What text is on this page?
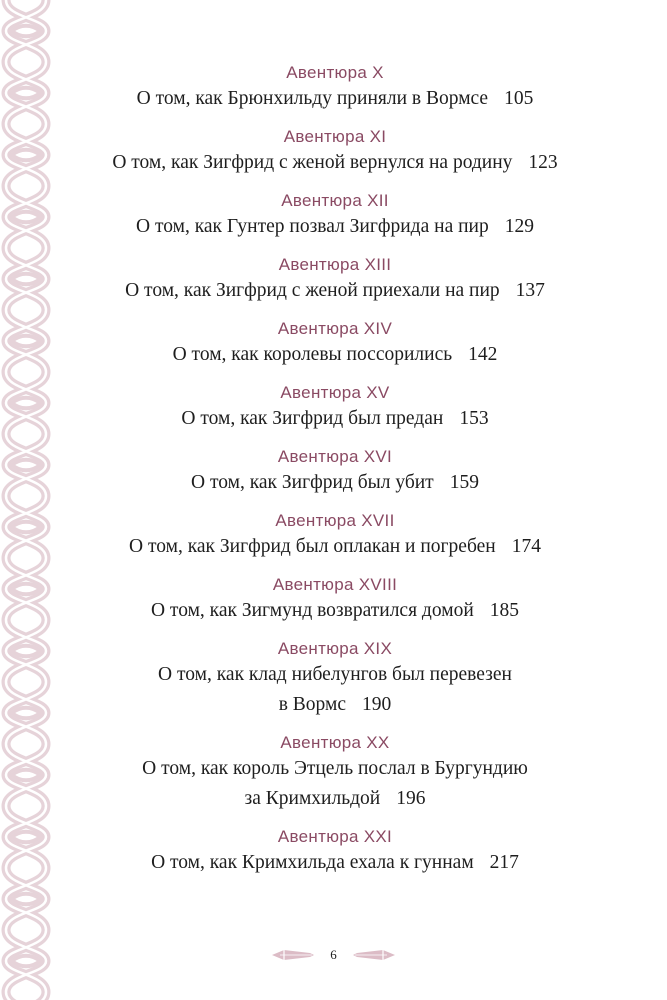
Авентюра X
О том, как Брюнхильду приняли в Вормсе 105
Авентюра XI
О том, как Зигфрид с женой вернулся на родину 123
Авентюра XII
О том, как Гунтер позвал Зигфрида на пир 129
Авентюра XIII
О том, как Зигфрид с женой приехали на пир 137
Авентюра XIV
О том, как королевы поссорились 142
Авентюра XV
О том, как Зигфрид был предан 153
Авентюра XVI
О том, как Зигфрид был убит 159
Авентюра XVII
О том, как Зигфрид был оплакан и погребен 174
Авентюра XVIII
О том, как Зигмунд возвратился домой 185
Авентюра XIX
О том, как клад нибелунгов был перевезен
в Вормс 190
Авентюра XX
О том, как король Этцель послал в Бургундию
за Кримхильдой 196
Авентюра XXI
О том, как Кримхильда ехала к гуннам 217
6
